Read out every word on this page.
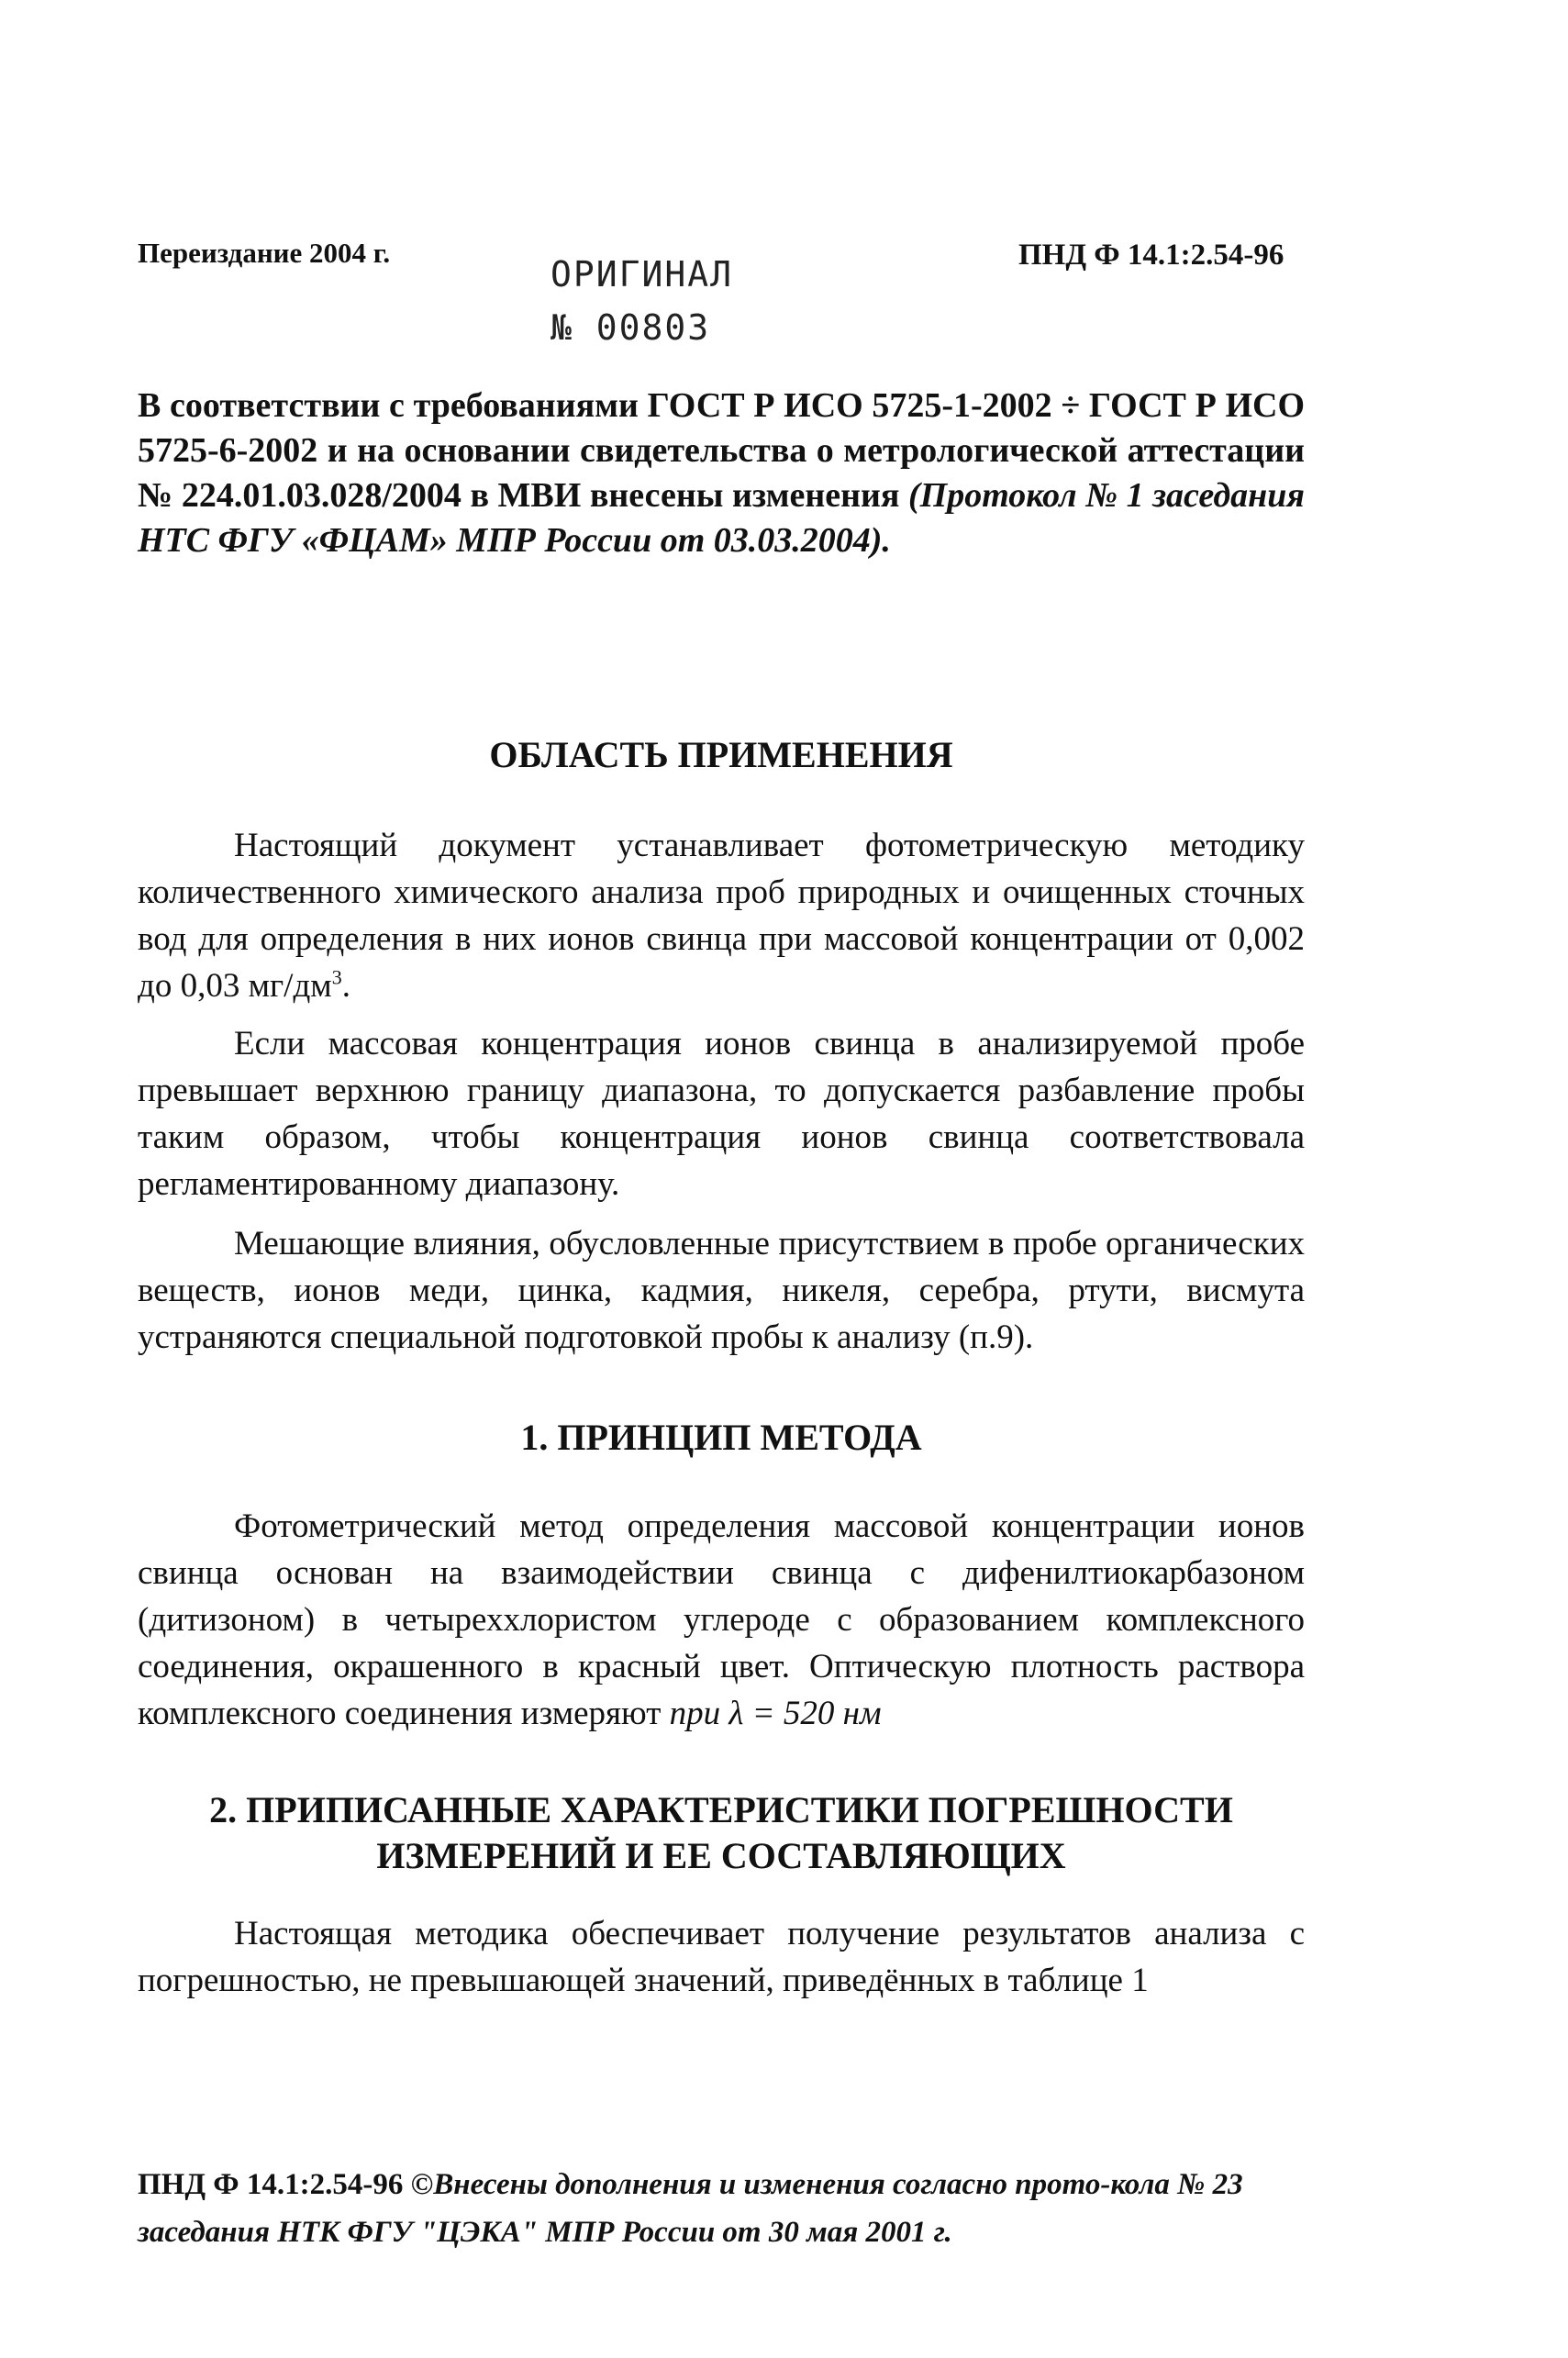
Переиздание 2004 г.
ОРИГИНАЛ
№ 00803
ПНД Ф 14.1:2.54-96
В соответствии с требованиями ГОСТ Р ИСО 5725-1-2002 ÷ ГОСТ Р ИСО 5725-6-2002 и на основании свидетельства о метрологической аттестации № 224.01.03.028/2004 в МВИ внесены изменения (Протокол № 1 заседания НТС ФГУ «ФЦАМ» МПР России от 03.03.2004).
ОБЛАСТЬ ПРИМЕНЕНИЯ
Настоящий документ устанавливает фотометрическую методику количественного химического анализа проб природных и очищенных сточных вод для определения в них ионов свинца при массовой концентрации от 0,002 до 0,03 $мг/дм^3$.
Если массовая концентрация ионов свинца в анализируемой пробе превышает верхнюю границу диапазона, то допускается разбавление пробы таким образом, чтобы концентрация ионов свинца соответствовала регламентированному диапазону.
Мешающие влияния, обусловленные присутствием в пробе органических веществ, ионов меди, цинка, кадмия, никеля, серебра, ртути, висмута устраняются специальной подготовкой пробы к анализу (п.9).
1. ПРИНЦИП МЕТОДА
Фотометрический метод определения массовой концентрации ионов свинца основан на взаимодействии свинца с дифенилтиокарбазоном (дитизоном) в четыреххлористом углероде с образованием комплексного соединения, окрашенного в красный цвет. Оптическую плотность раствора комплексного соединения измеряют при λ = 520 нм
2. ПРИПИСАННЫЕ ХАРАКТЕРИСТИКИ ПОГРЕШНОСТИ
ИЗМЕРЕНИЙ И ЕЕ СОСТАВЛЯЮЩИХ
Настоящая методика обеспечивает получение результатов анализа с погрешностью, не превышающей значений, приведённых в таблице 1
ПНД Ф 14.1:2.54-96 ©Внесены дополнения и изменения согласно прото-кола № 23 заседания НТК ФГУ "ЦЭКА" МПР России от 30 мая 2001 г.
